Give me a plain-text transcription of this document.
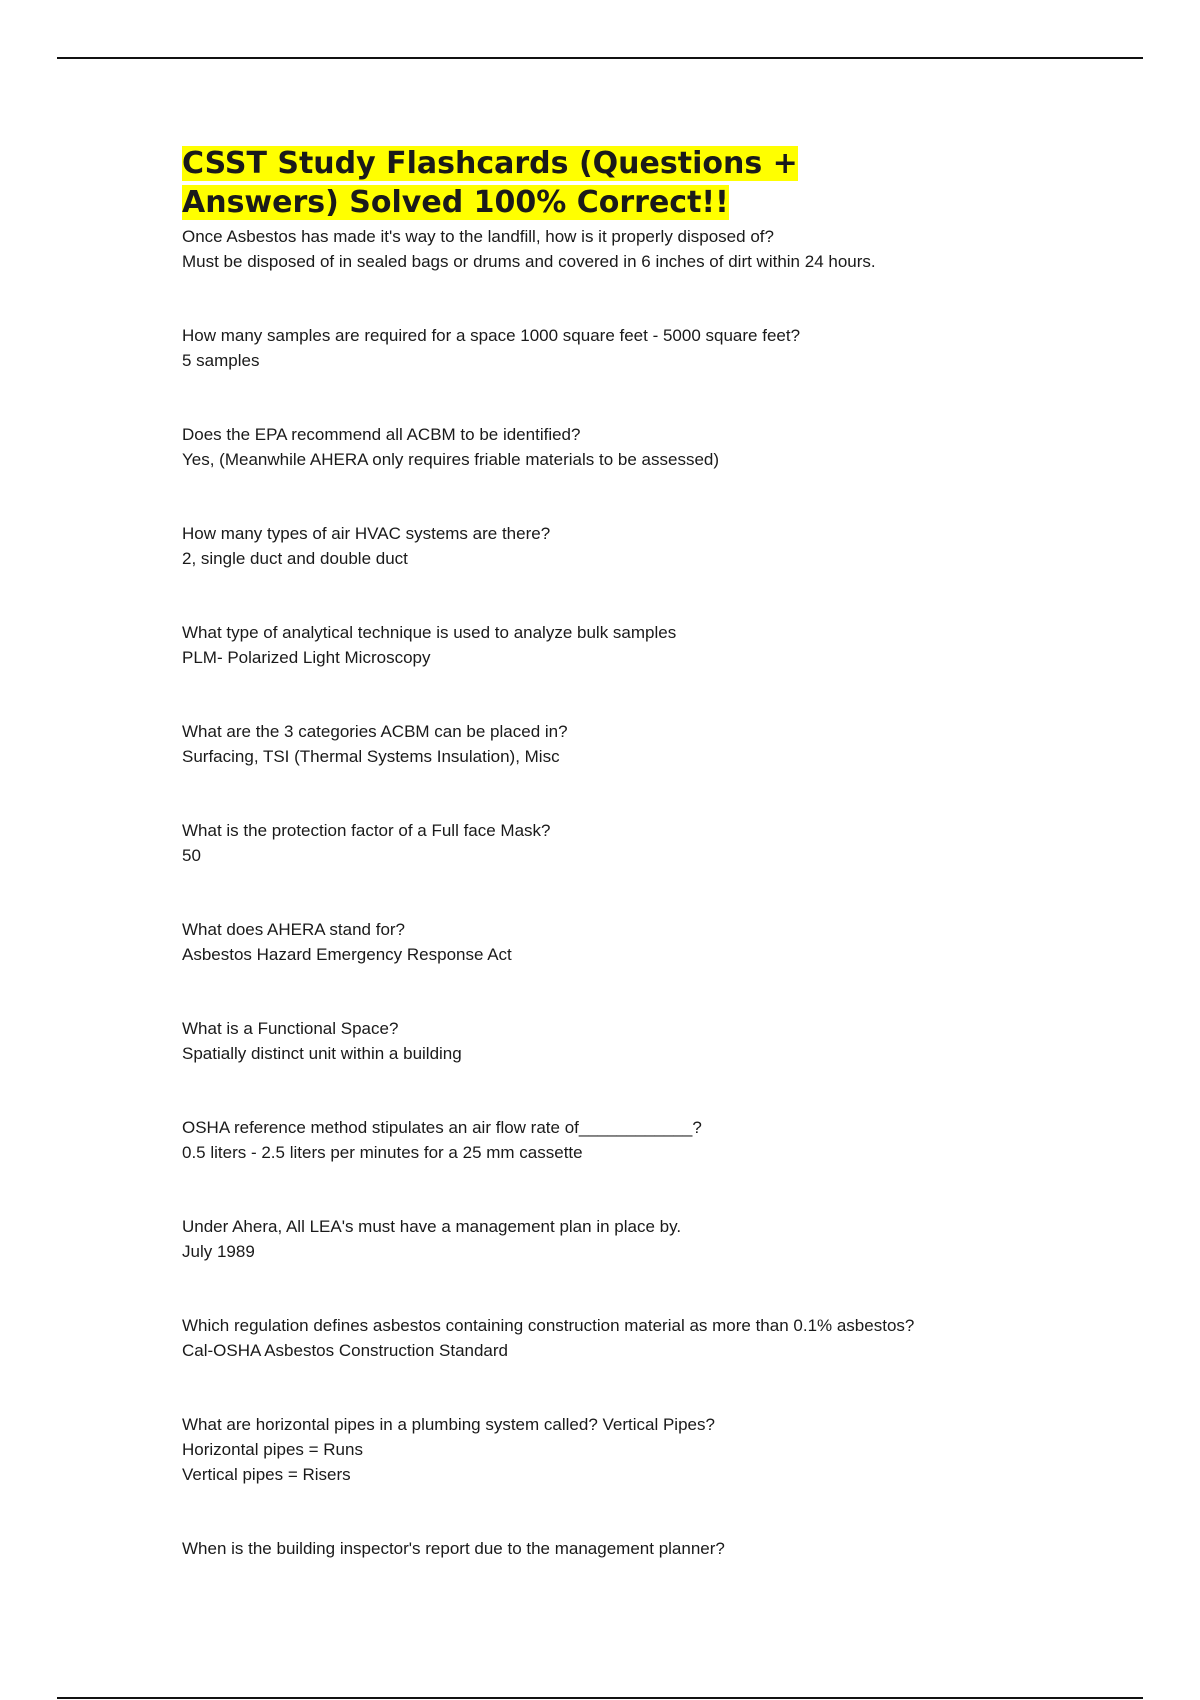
CSST Study Flashcards (Questions +
Answers) Solved 100% Correct!!
Once Asbestos has made it's way to the landfill, how is it properly disposed of?
Must be disposed of in sealed bags or drums and covered in 6 inches of dirt within 24 hours.
How many samples are required for a space 1000 square feet - 5000 square feet?
5 samples
Does the EPA recommend all ACBM to be identified?
Yes, (Meanwhile AHERA only requires friable materials to be assessed)
How many types of air HVAC systems are there?
2, single duct and double duct
What type of analytical technique is used to analyze bulk samples
PLM- Polarized Light Microscopy
What are the 3 categories ACBM can be placed in?
Surfacing, TSI (Thermal Systems Insulation), Misc
What is the protection factor of a Full face Mask?
50
What does AHERA stand for?
Asbestos Hazard Emergency Response Act
What is a Functional Space?
Spatially distinct unit within a building
OSHA reference method stipulates an air flow rate of____________?
0.5 liters - 2.5 liters per minutes for a 25 mm cassette
Under Ahera, All LEA's must have a management plan in place by.
July 1989
Which regulation defines asbestos containing construction material as more than 0.1% asbestos?
Cal-OSHA Asbestos Construction Standard
What are horizontal pipes in a plumbing system called? Vertical Pipes?
Horizontal pipes = Runs
Vertical pipes = Risers
When is the building inspector's report due to the management planner?
